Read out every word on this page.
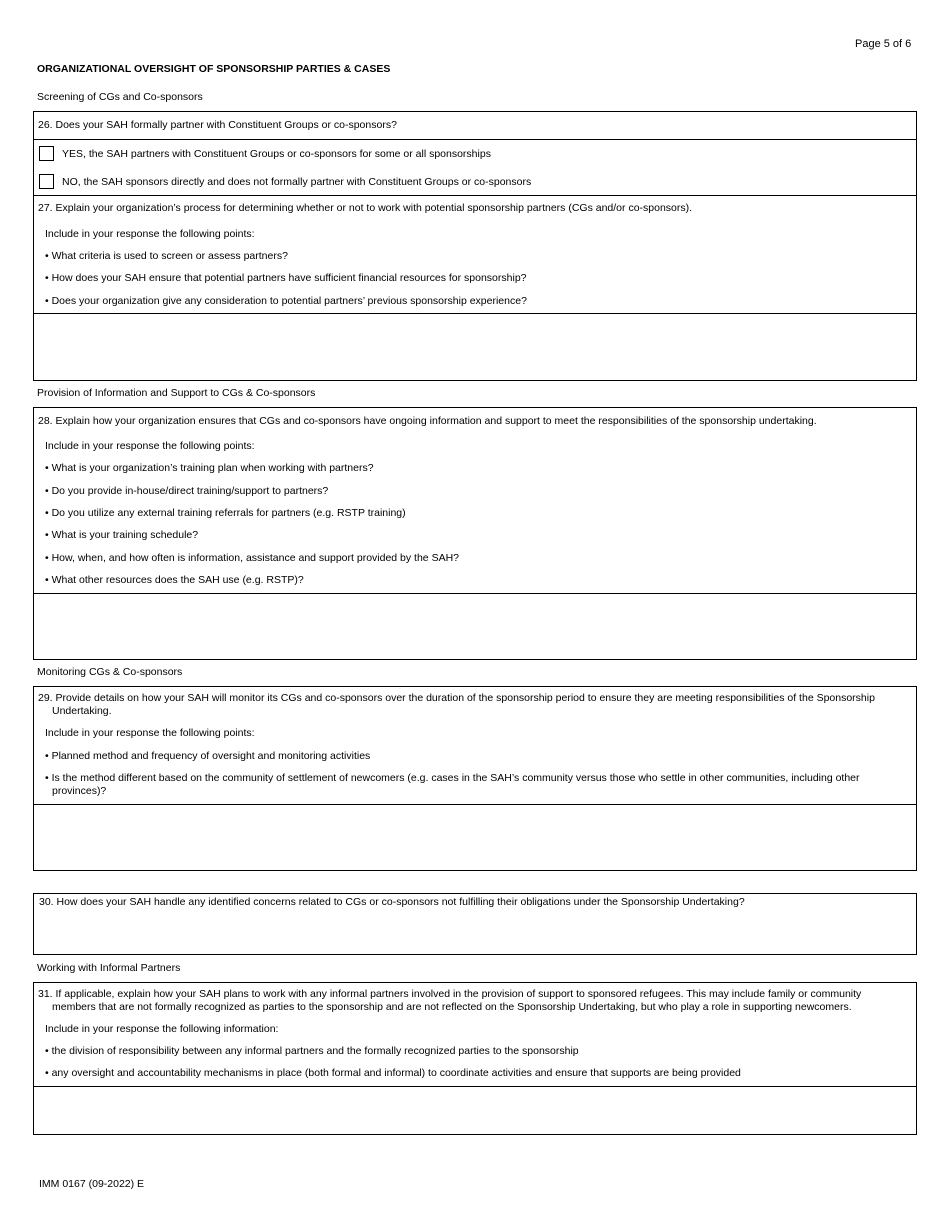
Page 5 of 6
ORGANIZATIONAL OVERSIGHT OF SPONSORSHIP PARTIES & CASES
Screening of CGs and Co-sponsors
26. Does your SAH formally partner with Constituent Groups or co-sponsors?
YES, the SAH partners with Constituent Groups or co-sponsors for some or all sponsorships
NO, the SAH sponsors directly and does not formally partner with Constituent Groups or co-sponsors
27. Explain your organization’s process for determining whether or not to work with potential sponsorship partners (CGs and/or co-sponsors).
Include in your response the following points:
• What criteria is used to screen or assess partners?
• How does your SAH ensure that potential partners have sufficient financial resources for sponsorship?
• Does your organization give any consideration to potential partners’ previous sponsorship experience?
Provision of Information and Support to CGs & Co-sponsors
28. Explain how your organization ensures that CGs and co-sponsors have ongoing information and support to meet the responsibilities of the sponsorship undertaking.
Include in your response the following points:
• What is your organization’s training plan when working with partners?
• Do you provide in-house/direct training/support to partners?
• Do you utilize any external training referrals for partners (e.g. RSTP training)
• What is your training schedule?
• How, when, and how often is information, assistance and support provided by the SAH?
• What other resources does the SAH use (e.g. RSTP)?
Monitoring CGs & Co-sponsors
29. Provide details on how your SAH will monitor its CGs and co-sponsors over the duration of the sponsorship period to ensure they are meeting responsibilities of the Sponsorship
Undertaking.
Include in your response the following points:
• Planned method and frequency of oversight and monitoring activities
• Is the method different based on the community of settlement of newcomers (e.g. cases in the SAH’s community versus those who settle in other communities, including other
provinces)?
30. How does your SAH handle any identified concerns related to CGs or co-sponsors not fulfilling their obligations under the Sponsorship Undertaking?
Working with Informal Partners
31. If applicable, explain how your SAH plans to work with any informal partners involved in the provision of support to sponsored refugees. This may include family or community
members that are not formally recognized as parties to the sponsorship and are not reflected on the Sponsorship Undertaking, but who play a role in supporting newcomers.
Include in your response the following information:
• the division of responsibility between any informal partners and the formally recognized parties to the sponsorship
• any oversight and accountability mechanisms in place (both formal and informal) to coordinate activities and ensure that supports are being provided
IMM 0167 (09-2022) E
